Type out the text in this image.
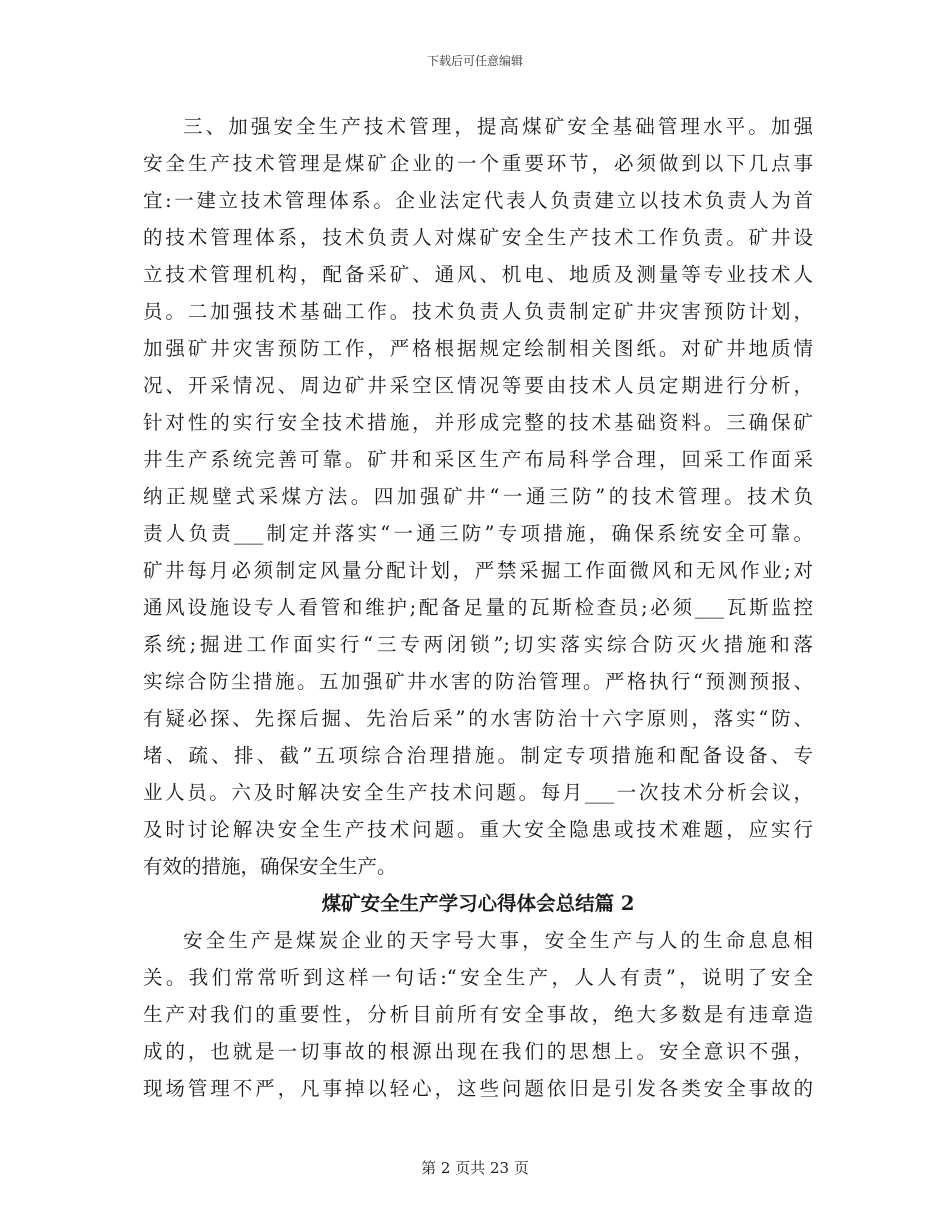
下载后可任意编辑
三、加强安全生产技术管理，提高煤矿安全基础管理水平。加强
安全生产技术管理是煤矿企业的一个重要环节，必须做到以下几点事
宜:一建立技术管理体系。企业法定代表人负责建立以技术负责人为首
的技术管理体系，技术负责人对煤矿安全生产技术工作负责。矿井设
立技术管理机构，配备采矿、通风、机电、地质及测量等专业技术人
员。二加强技术基础工作。技术负责人负责制定矿井灾害预防计划，
加强矿井灾害预防工作，严格根据规定绘制相关图纸。对矿井地质情
况、开采情况、周边矿井采空区情况等要由技术人员定期进行分析，
针对性的实行安全技术措施，并形成完整的技术基础资料。三确保矿
井生产系统完善可靠。矿井和采区生产布局科学合理，回采工作面采
纳正规壁式采煤方法。四加强矿井“一通三防”的技术管理。技术负
责人负责___制定并落实“一通三防”专项措施，确保系统安全可靠。
矿井每月必须制定风量分配计划，严禁采掘工作面微风和无风作业;对
通风设施设专人看管和维护;配备足量的瓦斯检查员;必须___瓦斯监控
系统;掘进工作面实行“三专两闭锁”;切实落实综合防灭火措施和落
实综合防尘措施。五加强矿井水害的防治管理。严格执行“预测预报、
有疑必探、先探后掘、先治后采”的水害防治十六字原则，落实“防、
堵、疏、排、截”五项综合治理措施。制定专项措施和配备设备、专
业人员。六及时解决安全生产技术问题。每月___一次技术分析会议，
及时讨论解决安全生产技术问题。重大安全隐患或技术难题，应实行
有效的措施，确保安全生产。
煤矿安全生产学习心得体会总结篇 2
安全生产是煤炭企业的天字号大事，安全生产与人的生命息息相
关。我们常常听到这样一句话:“安全生产，人人有责”，说明了安全
生产对我们的重要性，分析目前所有安全事故，绝大多数是有违章造
成的，也就是一切事故的根源出现在我们的思想上。安全意识不强，
现场管理不严，凡事掉以轻心，这些问题依旧是引发各类安全事故的
第 2 页共 23 页
